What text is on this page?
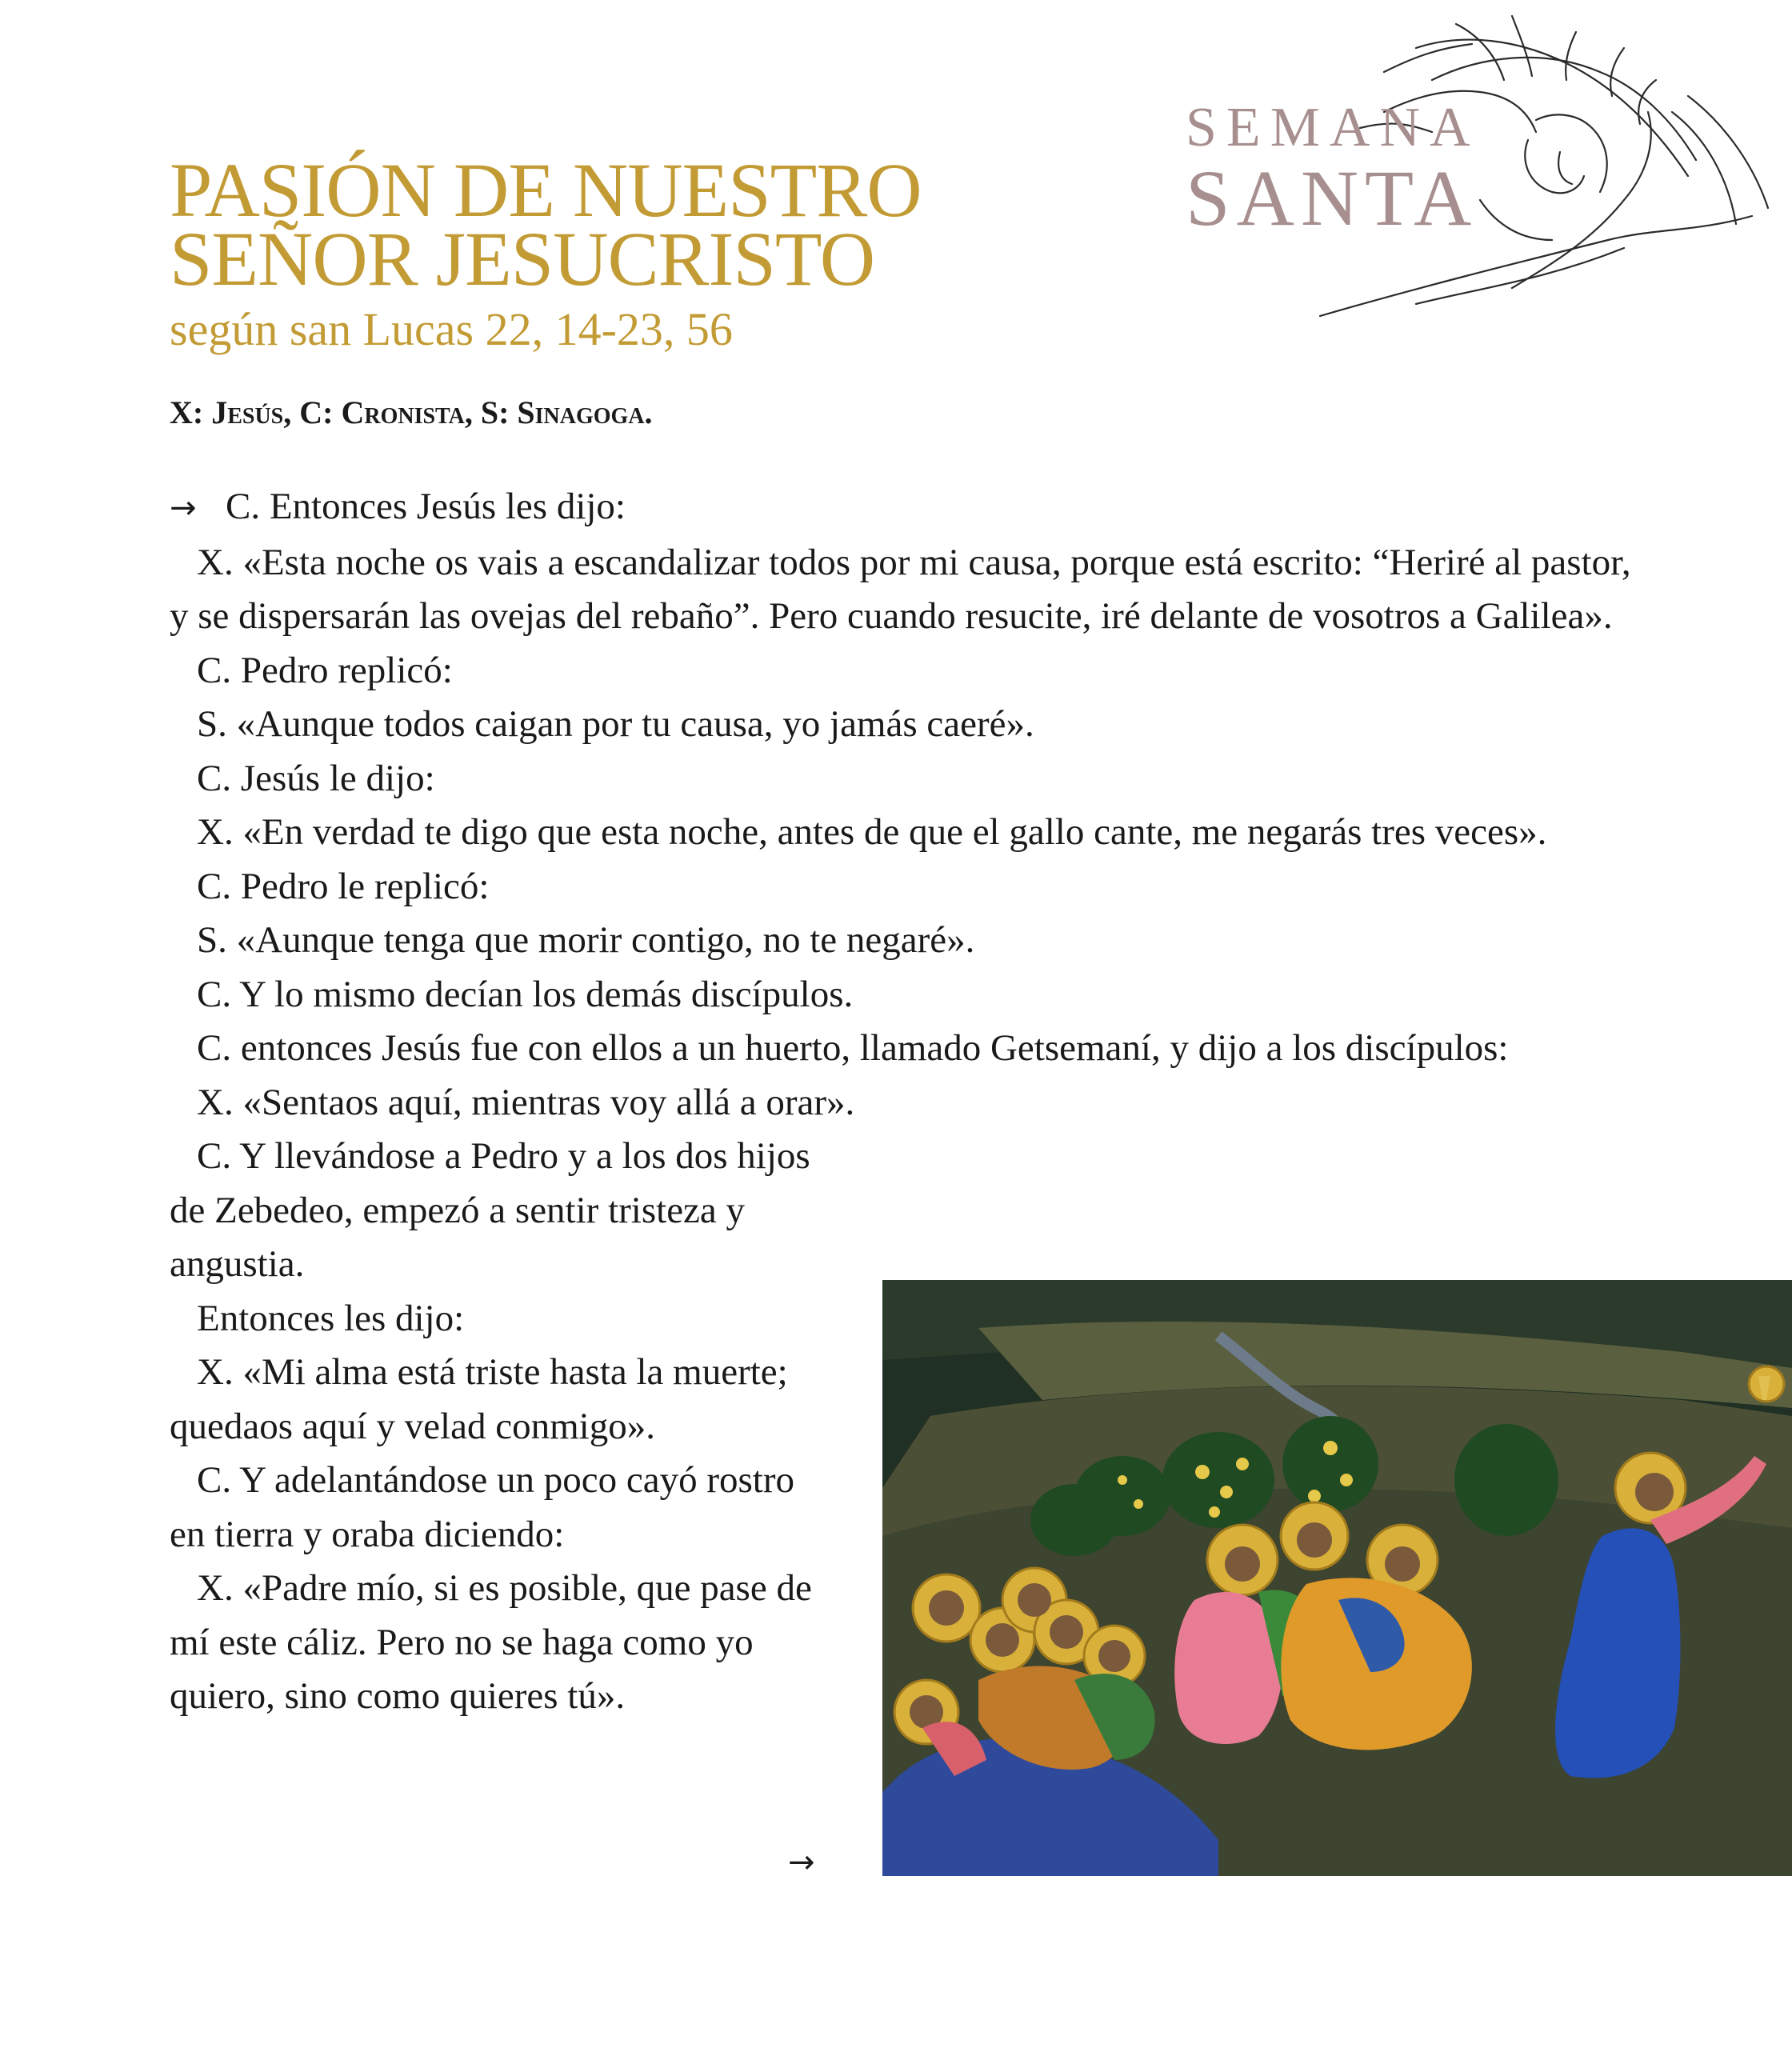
SEMANA
SANTA
PASIÓN DE NUESTRO
SEÑOR JESUCRISTO
según san Lucas 22, 14-23, 56
X: Jesús, C: Cronista, S: Sinagoga.

→ C. Entonces Jesús les dijo:

X. «Esta noche os vais a escandalizar todos por mi causa, porque está escrito: “Heriré al pastor, y se dispersarán las ovejas del rebaño”. Pero cuando resucite, iré delante de vosotros a Galilea».

C. Pedro replicó:

S. «Aunque todos caigan por tu causa, yo jamás caeré».

C. Jesús le dijo:

X. «En verdad te digo que esta noche, antes de que el gallo cante, me negarás tres veces».

C. Pedro le replicó:

S. «Aunque tenga que morir contigo, no te negaré».

C. Y lo mismo decían los demás discípulos.

C. entonces Jesús fue con ellos a un huerto, llamado Getsemaní, y dijo a los discípulos:

X. «Sentaos aquí, mientras voy allá a orar».

C. Y llevándose a Pedro y a los dos hijos de Zebedeo, empezó a sentir tristeza y angustia.

Entonces les dijo:

X. «Mi alma está triste hasta la muerte; quedaos aquí y velad conmigo».

C. Y adelantándose un poco cayó rostro en tierra y oraba diciendo:

X. «Padre mío, si es posible, que pase de mí este cáliz. Pero no se haga como yo quiero, sino como quieres tú».

→
